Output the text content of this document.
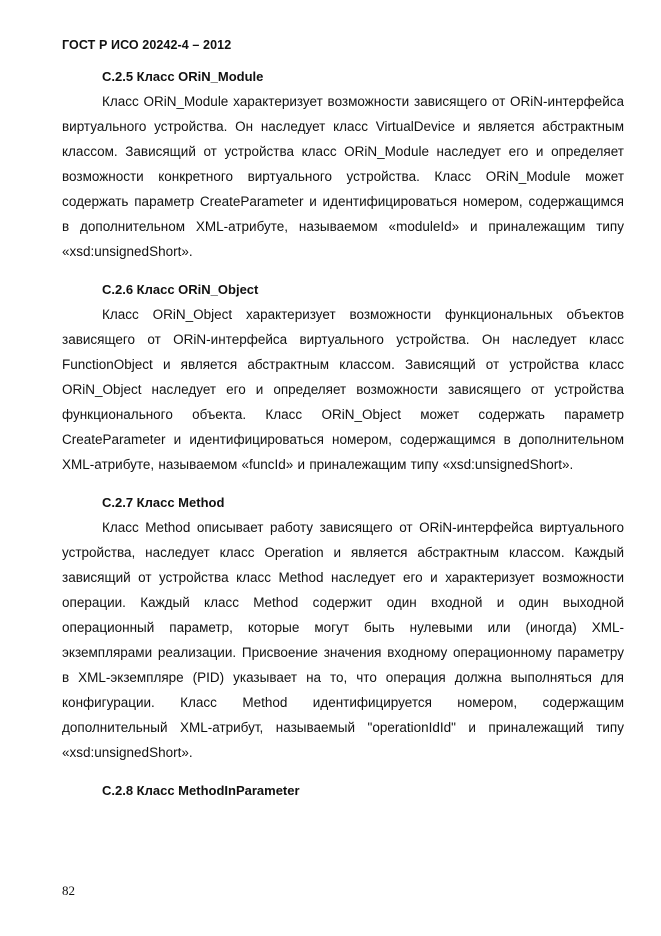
ГОСТ Р ИСО 20242-4 – 2012

C.2.5 Класс ORiN_Module

Класс ORiN_Module характеризует возможности зависящего от ORiN-интерфейса виртуального устройства. Он наследует класс VirtualDevice и является абстрактным классом. Зависящий от устройства класс ORiN_Module наследует его и определяет возможности конкретного виртуального устройства. Класс ORiN_Module может содержать параметр CreateParameter и идентифицироваться номером, содержащимся в дополнительном XML-атрибуте, называемом «moduleId» и приналежащим типу «xsd:unsignedShort».

C.2.6 Класс ORiN_Object

Класс ORiN_Object характеризует возможности функциональных объектов зависящего от ORiN-интерфейса виртуального устройства. Он наследует класс FunctionObject и является абстрактным классом. Зависящий от устройства класс ORiN_Object наследует его и определяет возможности зависящего от устройства функционального объекта. Класс ORiN_Object может содержать параметр CreateParameter и идентифицироваться номером, содержащимся в дополнительном XML-атрибуте, называемом «funcId» и приналежащим типу «xsd:unsignedShort».

C.2.7 Класс Method

Класс Method описывает работу зависящего от ORiN-интерфейса виртуального устройства, наследует класс Operation и является абстрактным классом. Каждый зависящий от устройства класс Method наследует его и характеризует возможности операции. Каждый класс Method содержит один входной и один выходной операционный параметр, которые могут быть нулевыми или (иногда) XML-экземплярами реализации. Присвоение значения входному операционному параметру в XML-экземпляре (PID) указывает на то, что операция должна выполняться для конфигурации. Класс Method идентифицируется номером, содержащим дополнительный XML-атрибут, называемый "operationIdId" и приналежащий типу «xsd:unsignedShort».

C.2.8 Класс MethodInParameter

82
